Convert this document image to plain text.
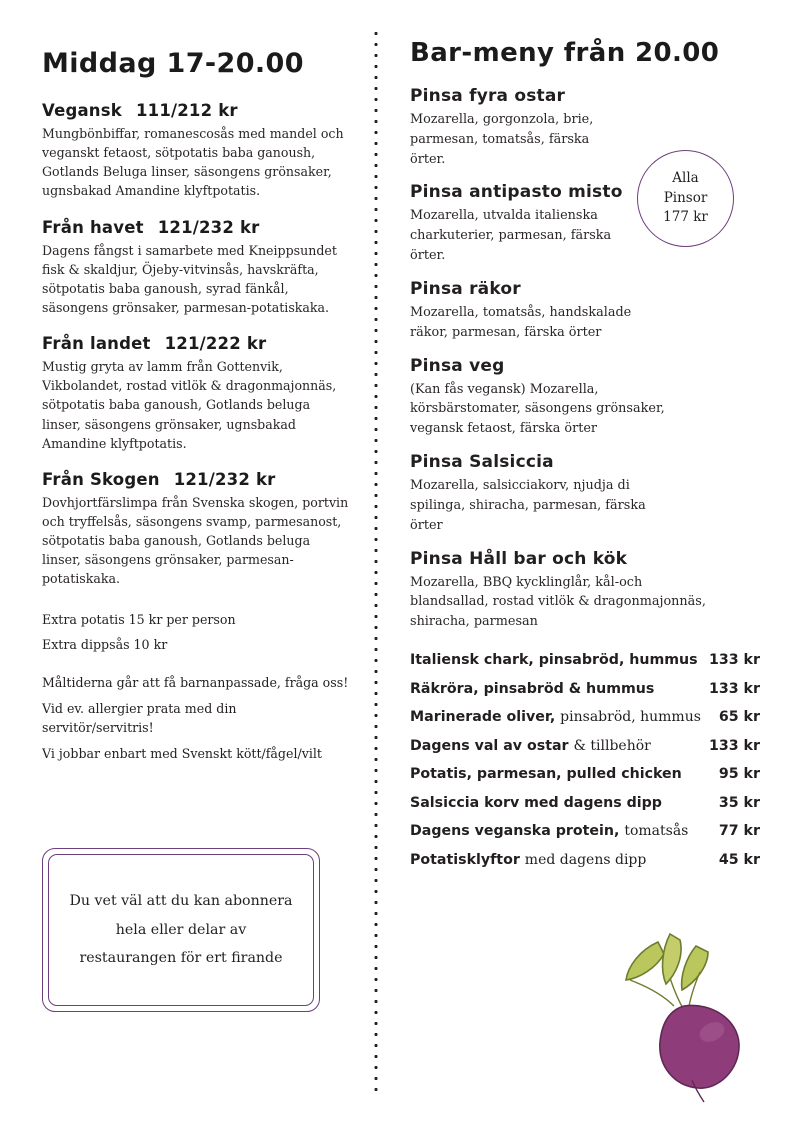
Middag 17-20.00
Vegansk 111/212 kr

Mungbönbiffar, romanescosås med mandel och veganskt fetaost, sötpotatis baba ganoush, Gotlands Beluga linser, säsongens grönsaker, ugnsbakad Amandine klyftpotatis.

Från havet 121/232 kr

Dagens fångst i samarbete med Kneippsundet fisk & skaldjur, Öjeby-vitvinsås, havskräfta, sötpotatis baba ganoush, syrad fänkål, säsongens grönsaker, parmesan-potatiskaka.

Från landet 121/222 kr

Mustig gryta av lamm från Gottenvik, Vikbolandet, rostad vitlök & dragonmajonnäs, sötpotatis baba ganoush, Gotlands beluga linser, säsongens grönsaker, ugnsbakad Amandine klyftpotatis.

Från Skogen 121/232 kr

Dovhjortfärslimpa från Svenska skogen, portvin och tryffelsås, säsongens svamp, parmesanost, sötpotatis baba ganoush, Gotlands beluga linser, säsongens grönsaker, parmesan-potatiskaka.

Extra potatis 15 kr per person

Extra dippsås 10 kr

Måltiderna går att få barnanpassade, fråga oss!

Vid ev. allergier prata med din servitör/servitris!

Vi jobbar enbart med Svenskt kött/fågel/vilt

Du vet väl att du kan abonnera
hela eller delar av
restaurangen för ert firande
Bar-meny från 20.00
Pinsa fyra ostar

Mozarella, gorgonzola, brie, parmesan, tomatsås, färska örter.

Pinsa antipasto misto

Mozarella, utvalda italienska charkuterier, parmesan, färska örter.

Pinsa räkor

Mozarella, tomatsås, handskalade räkor, parmesan, färska örter

Pinsa veg

(Kan fås vegansk) Mozarella, körsbärstomater, säsongens grönsaker, vegansk fetaost, färska örter

Pinsa Salsiccia

Mozarella, salsicciakorv, njudja di spilinga, shiracha, parmesan, färska örter

Pinsa Håll bar och kök

Mozarella, BBQ kycklinglår, kål-och blandsallad, rostad vitlök & dragonmajonnäs, shiracha, parmesan

Italiensk chark, pinsabröd, hummus 133 kr
Räkröra, pinsabröd & hummus	133 kr
Marinerade oliver, pinsabröd, hummus	65 kr
Dagens val av ostar & tillbehör	133 kr
Potatis, parmesan, pulled chicken	95 kr
Salsiccia korv med dagens dipp	35 kr
Dagens veganska protein, tomatsås	77 kr
Potatisklyftor med dagens dipp	45 kr
Alla
Pinsor
177 kr
